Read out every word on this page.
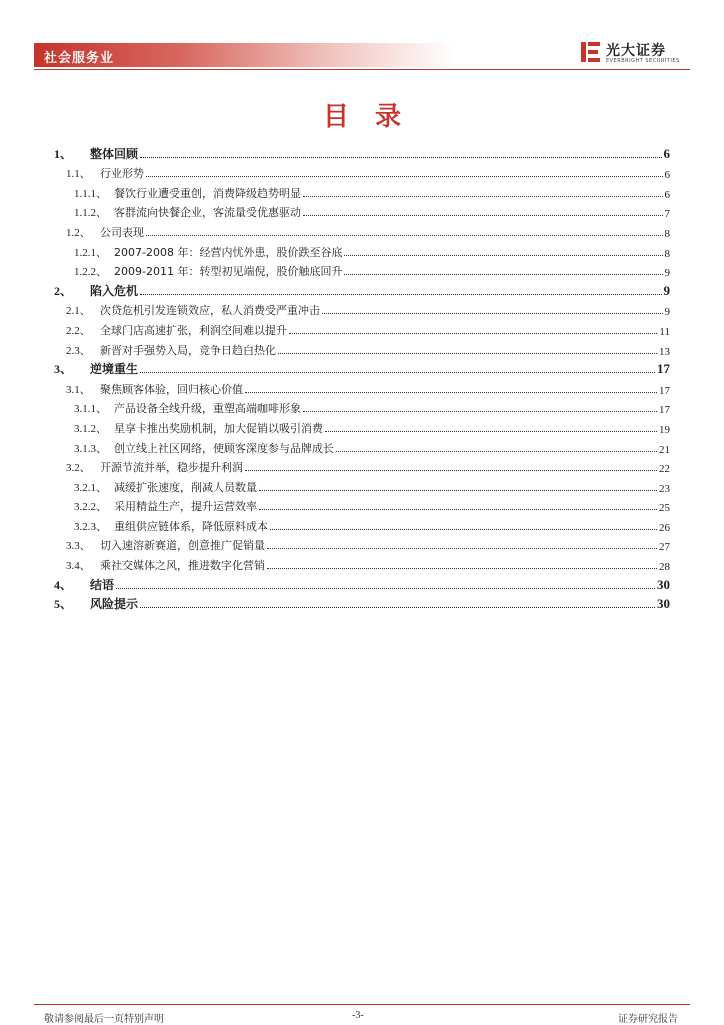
社会服务业	光大证券
EVERBRIGHT SECURITIES
目录
1、	整体回顾	6
1.1、 行业形势	6
1.1.1、 餐饮行业遭受重创，消费降级趋势明显	6
1.1.2、 客群流向快餐企业，客流量受优惠驱动	7
1.2、 公司表现	8
1.2.1、 2007-2008 年：经营内忧外患，股价跌至谷底	8
1.2.2、 2009-2011 年：转型初见端倪，股价触底回升	9
2、	陷入危机	9
2.1、 次贷危机引发连锁效应，私人消费受严重冲击	9
2.2、 全球门店高速扩张，利润空间难以提升	11
2.3、 新晋对手强势入局，竞争日趋白热化	13
3、	逆境重生	17
3.1、 聚焦顾客体验，回归核心价值	17
3.1.1、 产品设备全线升级，重塑高端咖啡形象	17
3.1.2、 星享卡推出奖励机制，加大促销以吸引消费	19
3.1.3、 创立线上社区网络，使顾客深度参与品牌成长	21
3.2、 开源节流并举，稳步提升利润	22
3.2.1、 减缓扩张速度，削减人员数量	23
3.2.2、 采用精益生产，提升运营效率	25
3.2.3、 重组供应链体系，降低原料成本	26
3.3、 切入速溶新赛道，创意推广促销量	27
3.4、 乘社交媒体之风，推进数字化营销	28
4、	结语	30
5、	风险提示	30
敬请参阅最后一页特别声明	-3-	证券研究报告
